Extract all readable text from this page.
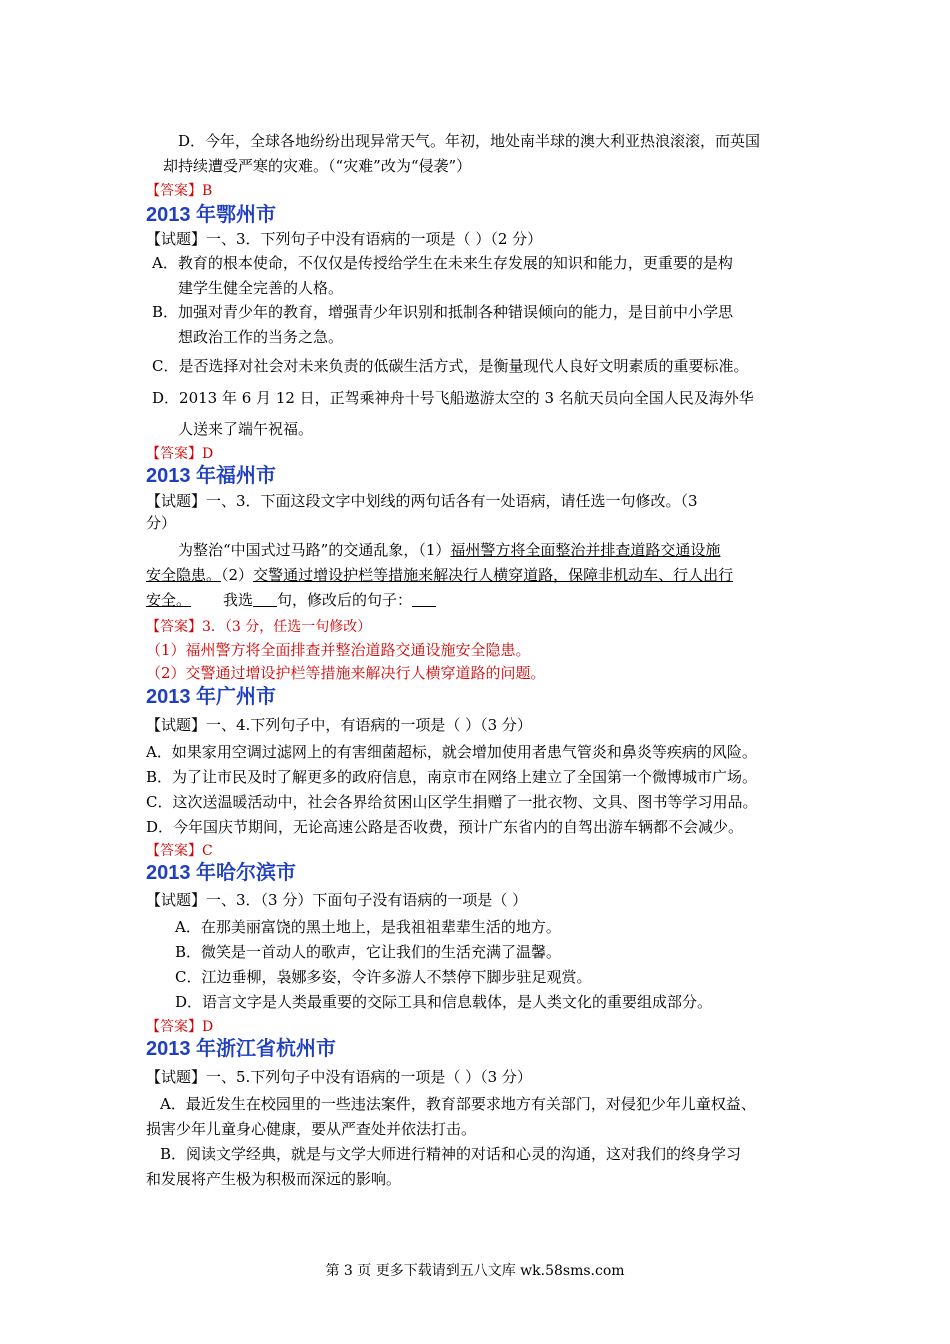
D．今年，全球各地纷纷出现异常天气。年初，地处南半球的澳大利亚热浪滚滚，而英国
却持续遭受严寒的灾难。（“灾难”改为“侵袭”）
【答案】B
2013 年鄂州市
【试题】一、3．下列句子中没有语病的一项是（ ）（2 分）
A．教育的根本使命，不仅仅是传授给学生在未来生存发展的知识和能力，更重要的是构
建学生健全完善的人格。
B．加强对青少年的教育，增强青少年识别和抵制各种错误倾向的能力，是目前中小学思
想政治工作的当务之急。
C．是否选择对社会对未来负责的低碳生活方式，是衡量现代人良好文明素质的重要标准。
D．2013 年 6 月 12 日，正驾乘神舟十号飞船遨游太空的 3 名航天员向全国人民及海外华
人送来了端午祝福。
【答案】D
2013 年福州市
【试题】一、3．下面这段文字中划线的两句话各有一处语病，请任选一句修改。（3
分）
为整治“中国式过马路”的交通乱象，（1）福州警方将全面整治并排查道路交通设施
安全隐患。（2）交警通过增设护栏等措施来解决行人横穿道路，保障非机动车、行人出行
安全。 我选 句，修改后的句子：
【答案】3．（3 分，任选一句修改）
（1）福州警方将全面排查并整治道路交通设施安全隐患。
（2）交警通过增设护栏等措施来解决行人横穿道路的问题。
2013 年广州市
【试题】一、4.下列句子中，有语病的一项是（ ）（3 分）
A．如果家用空调过滤网上的有害细菌超标，就会增加使用者患气管炎和鼻炎等疾病的风险。
B．为了让市民及时了解更多的政府信息，南京市在网络上建立了全国第一个微博城市广场。
C．这次送温暖活动中，社会各界给贫困山区学生捐赠了一批衣物、文具、图书等学习用品。
D．今年国庆节期间，无论高速公路是否收费，预计广东省内的自驾出游车辆都不会减少。
【答案】C
2013 年哈尔滨市
【试题】一、3．（3 分）下面句子没有语病的一项是（ ）
A．在那美丽富饶的黑土地上，是我祖祖辈辈生活的地方。
B．微笑是一首动人的歌声，它让我们的生活充满了温馨。
C．江边垂柳，袅娜多姿，令许多游人不禁停下脚步驻足观赏。
D．语言文字是人类最重要的交际工具和信息载体，是人类文化的重要组成部分。
【答案】D
2013 年浙江省杭州市
【试题】一、5.下列句子中没有语病的一项是（ ）（3 分）
A．最近发生在校园里的一些违法案件，教育部要求地方有关部门，对侵犯少年儿童权益、
损害少年儿童身心健康，要从严查处并依法打击。
B．阅读文学经典，就是与文学大师进行精神的对话和心灵的沟通，这对我们的终身学习
和发展将产生极为积极而深远的影响。
第 3 页 更多下载请到五八文库 wk.58sms.com
